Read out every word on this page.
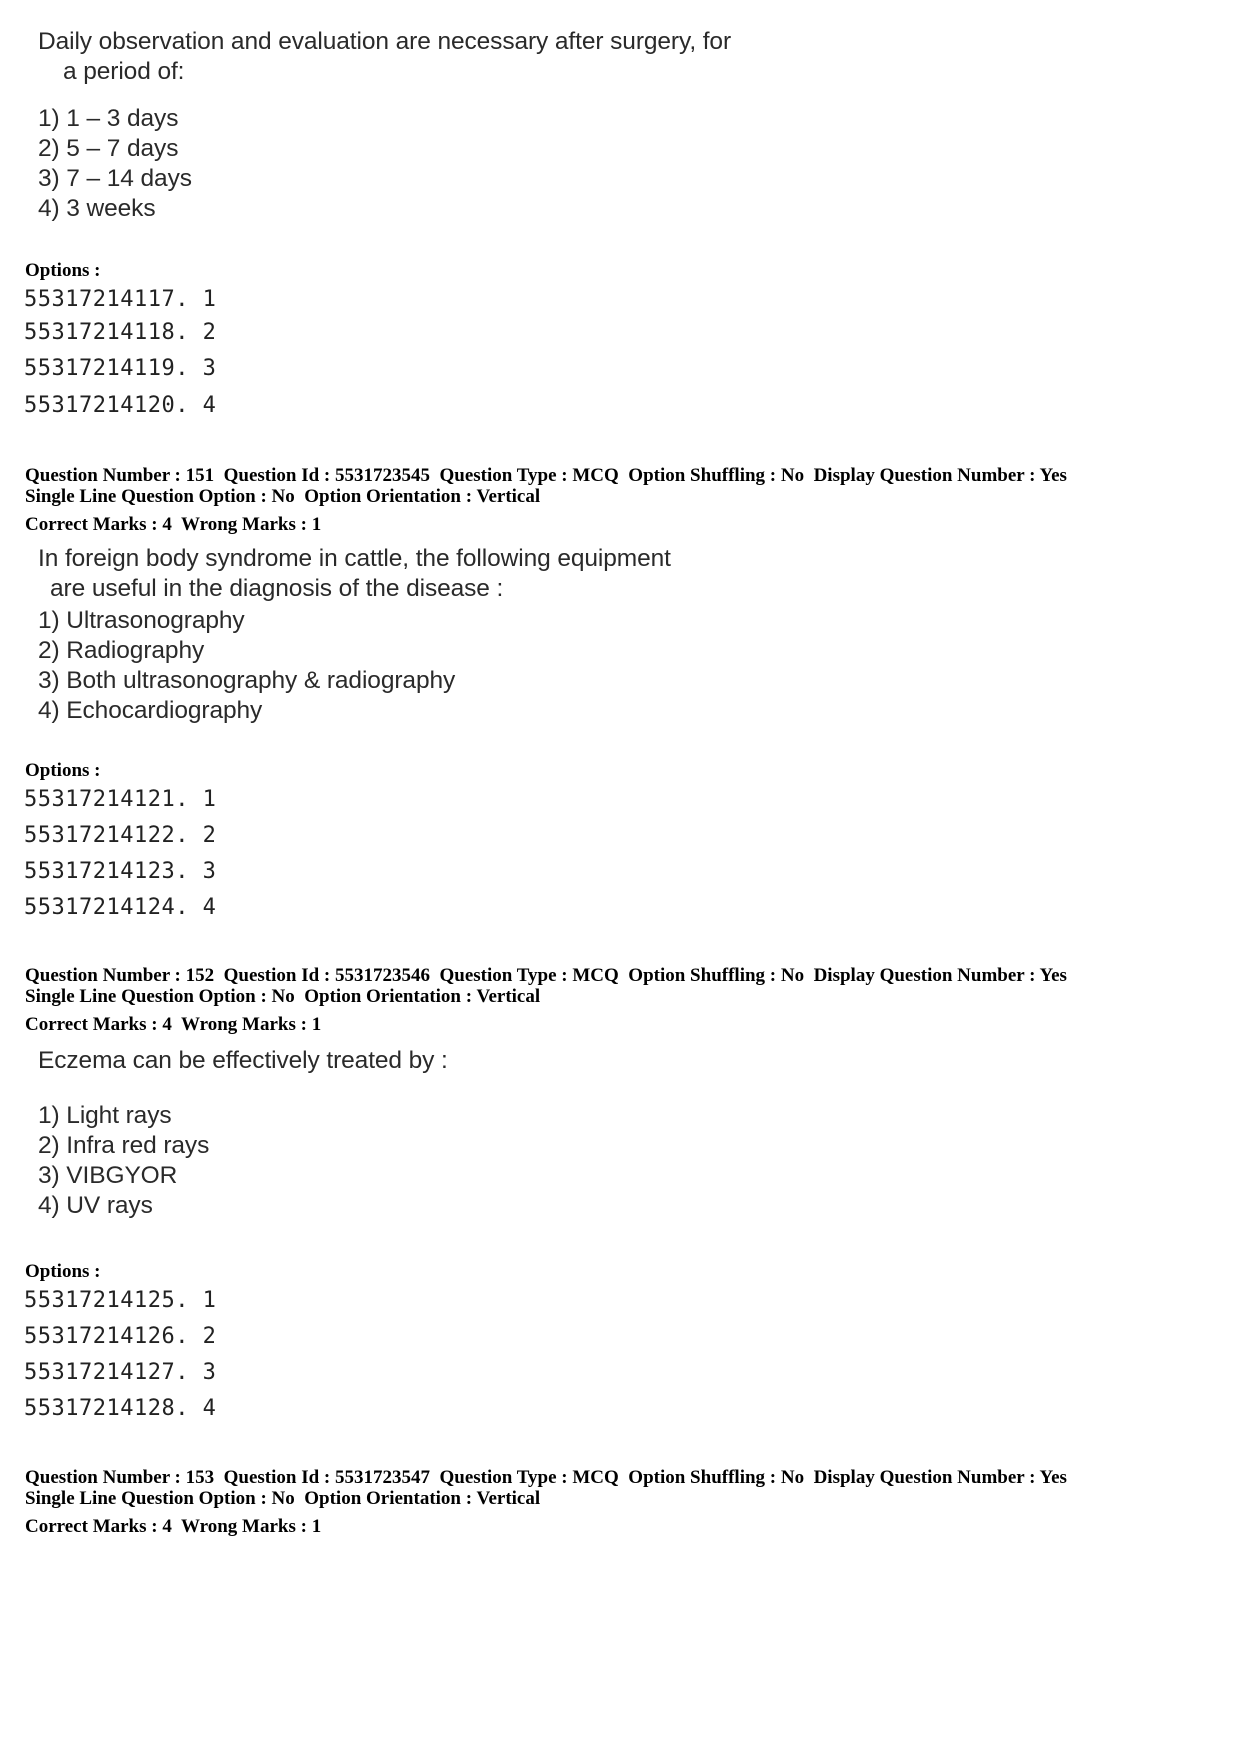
Daily observation and evaluation are necessary after surgery, for
a period of:
1) 1 – 3 days
2) 5 – 7 days
3) 7 – 14 days
4) 3 weeks
Options :
55317214117. 1
55317214118. 2
55317214119. 3
55317214120. 4
Question Number : 151  Question Id : 5531723545  Question Type : MCQ  Option Shuffling : No  Display Question Number : Yes
Single Line Question Option : No  Option Orientation : Vertical
Correct Marks : 4  Wrong Marks : 1
In foreign body syndrome in cattle, the following equipment
are useful in the diagnosis of the disease :
1) Ultrasonography
2) Radiography
3) Both ultrasonography & radiography
4) Echocardiography
Options :
55317214121. 1
55317214122. 2
55317214123. 3
55317214124. 4
Question Number : 152  Question Id : 5531723546  Question Type : MCQ  Option Shuffling : No  Display Question Number : Yes
Single Line Question Option : No  Option Orientation : Vertical
Correct Marks : 4  Wrong Marks : 1
Eczema can be effectively treated by :
1) Light rays
2) Infra red rays
3) VIBGYOR
4) UV rays
Options :
55317214125. 1
55317214126. 2
55317214127. 3
55317214128. 4
Question Number : 153  Question Id : 5531723547  Question Type : MCQ  Option Shuffling : No  Display Question Number : Yes
Single Line Question Option : No  Option Orientation : Vertical
Correct Marks : 4  Wrong Marks : 1
